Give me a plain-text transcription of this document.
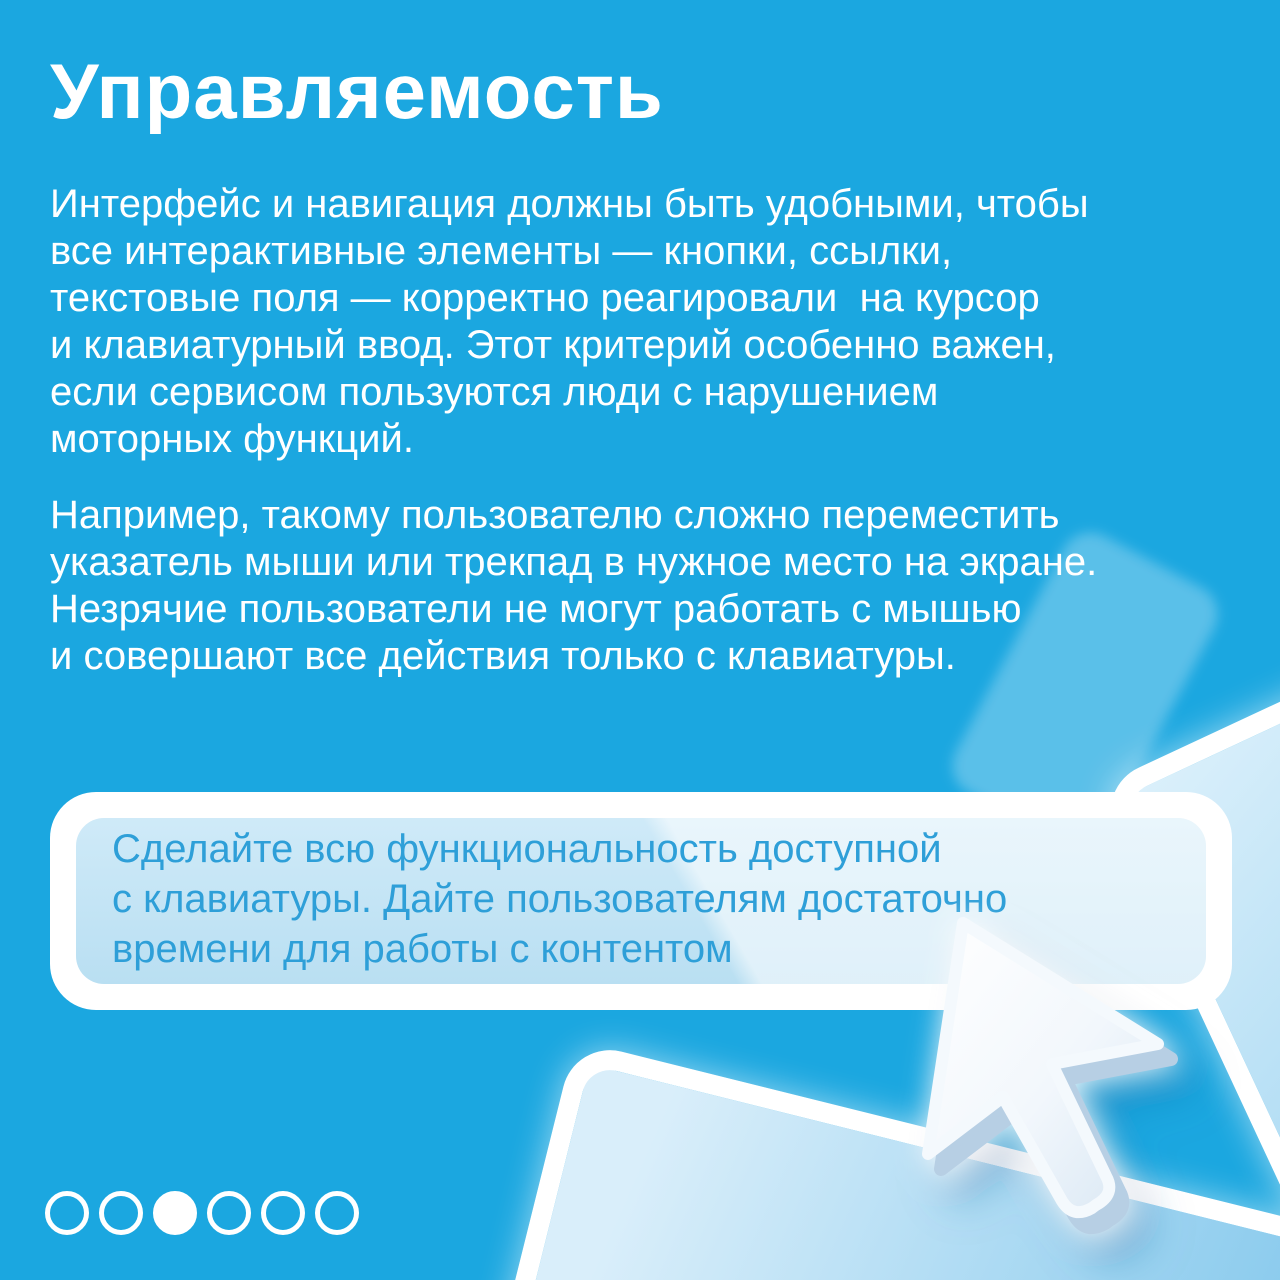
Управляемость

Интерфейс и навигация должны быть удобными, чтобы
все интерактивные элементы — кнопки, ссылки,
текстовые поля — корректно реагировали  на курсор
и клавиатурный ввод. Этот критерий особенно важен,
если сервисом пользуются люди с нарушением
моторных функций.

Например, такому пользователю сложно переместить
указатель мыши или трекпад в нужное место на экране.
Незрячие пользователи не могут работать с мышью
и совершают все действия только с клавиатуры.

Сделайте всю функциональность доступной
с клавиатуры. Дайте пользователям достаточно
времени для работы с контентом
